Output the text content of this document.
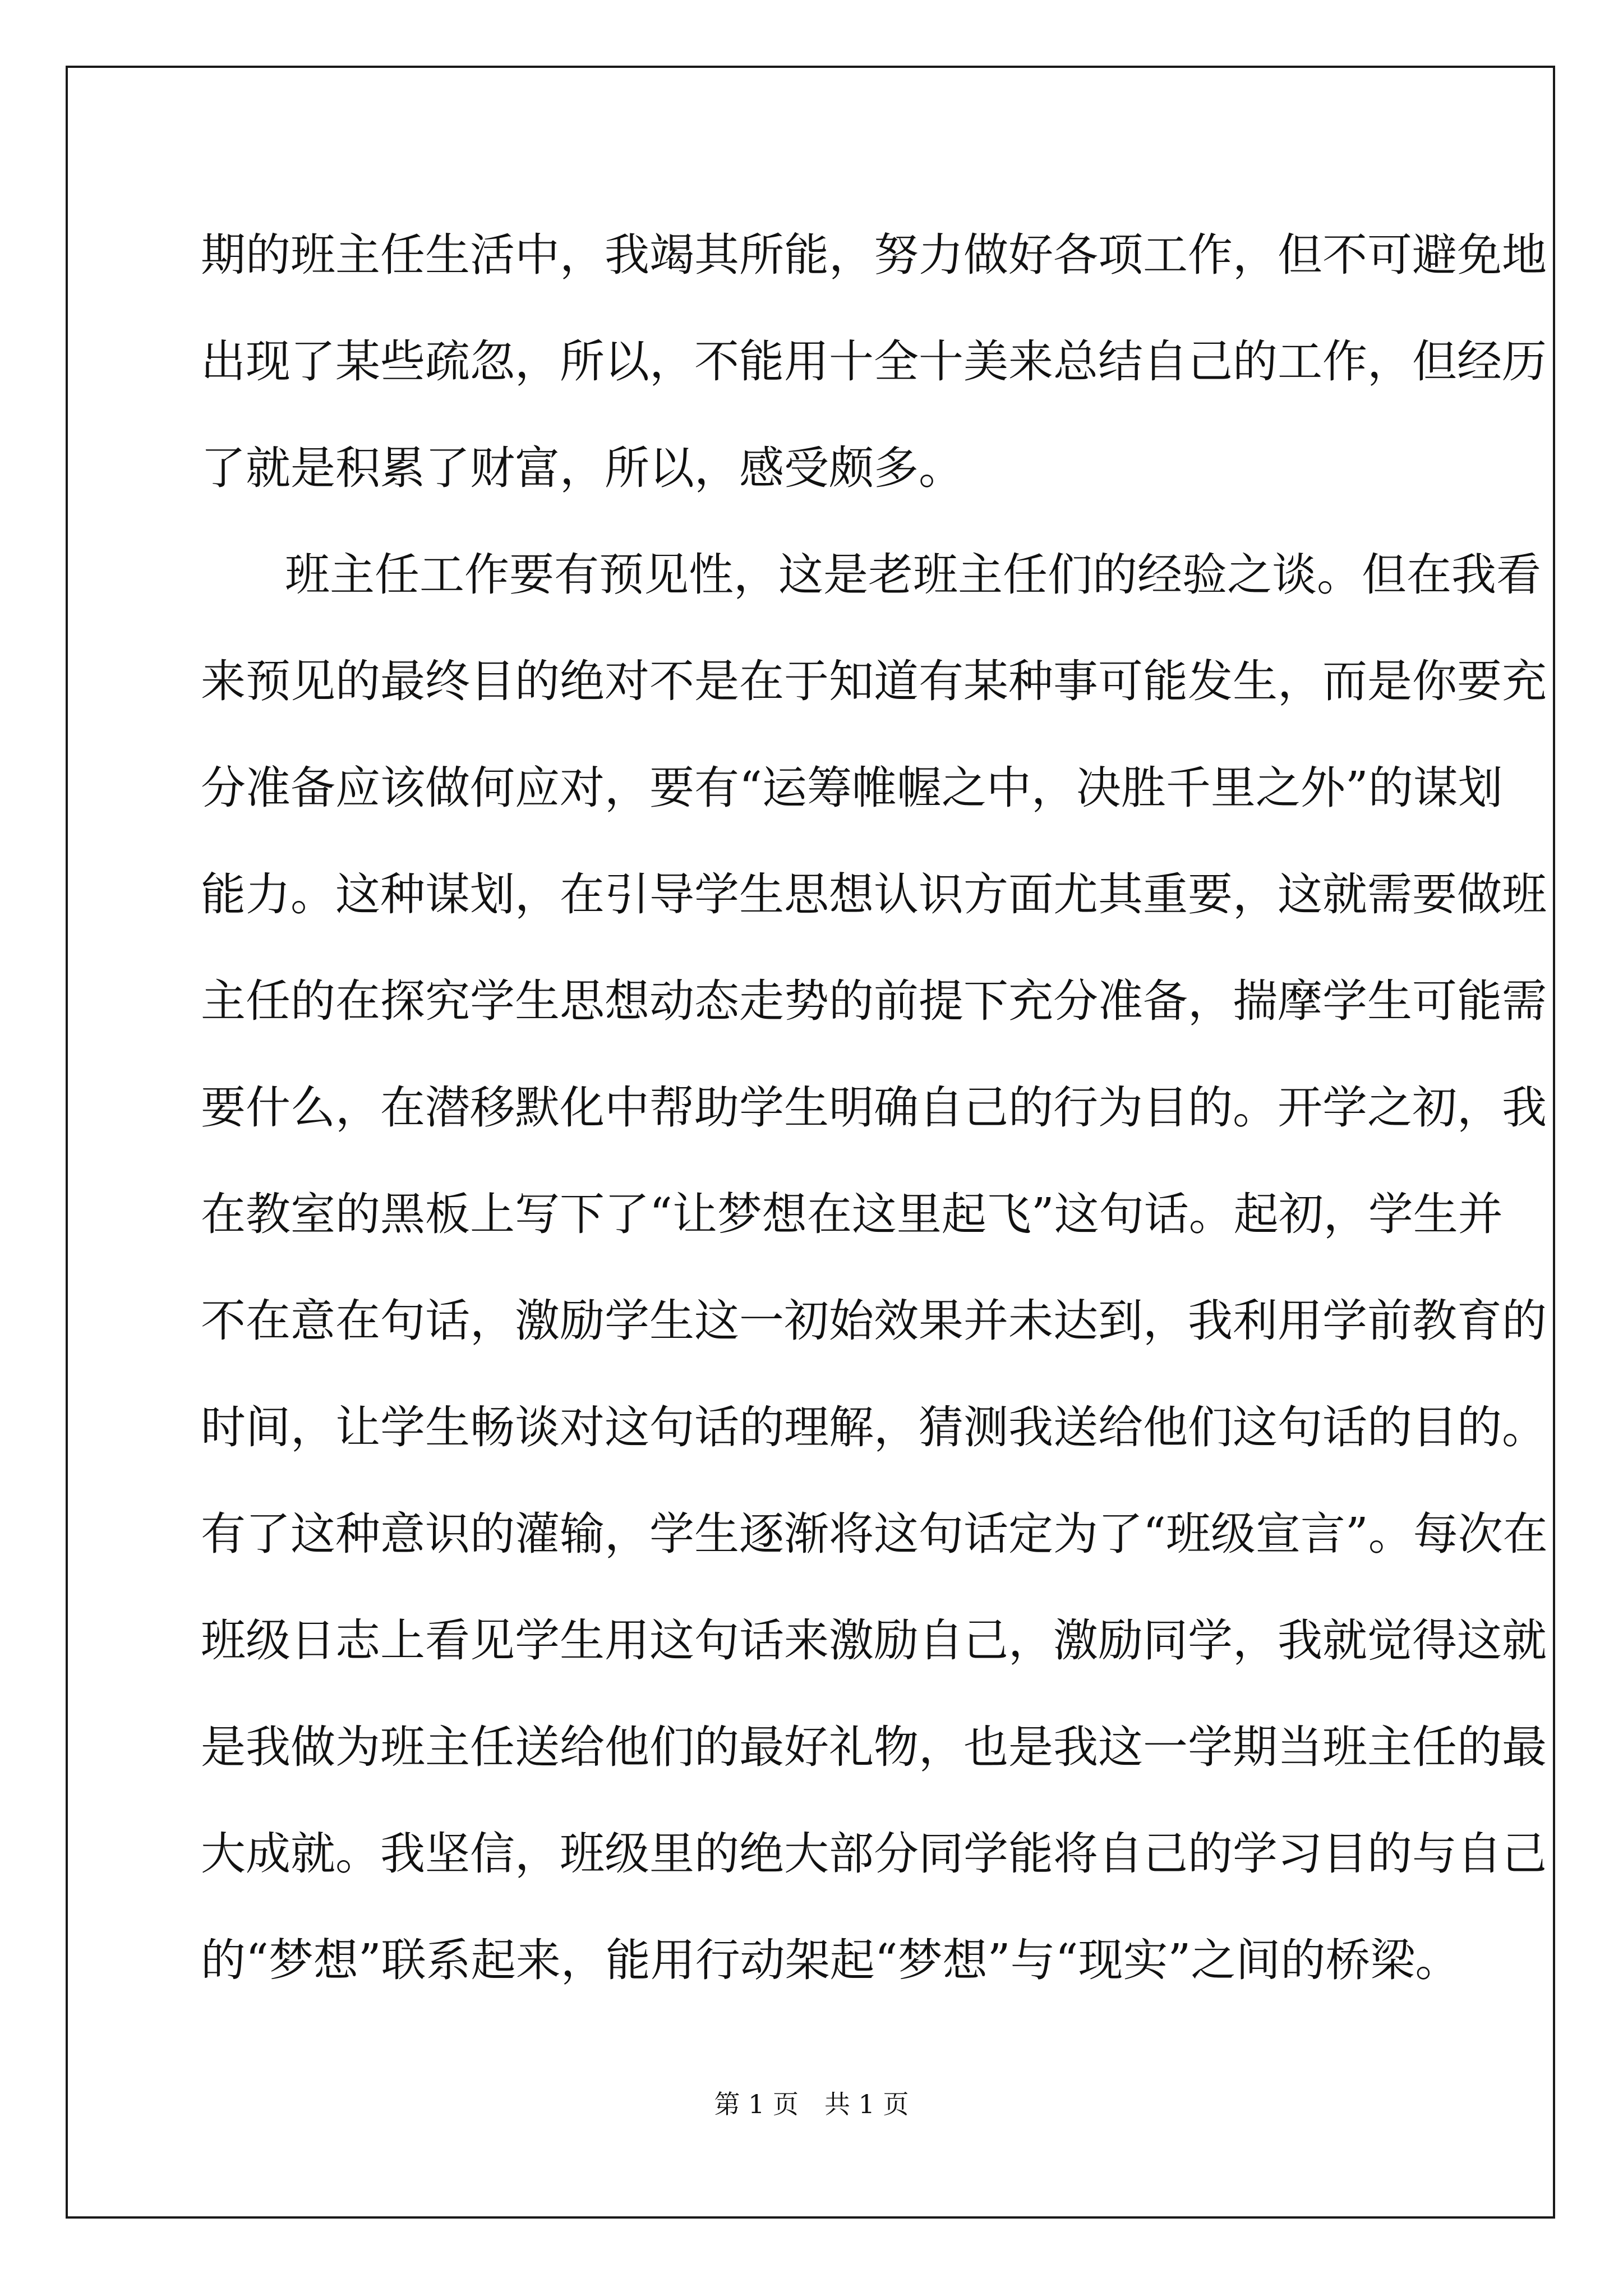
期的班主任生活中，我竭其所能，努力做好各项工作，但不可避免地
出现了某些疏忽，所以，不能用十全十美来总结自己的工作，但经历
了就是积累了财富，所以，感受颇多。
班主任工作要有预见性，这是老班主任们的经验之谈。但在我看
来预见的最终目的绝对不是在于知道有某种事可能发生，而是你要充
分准备应该做何应对，要有“运筹帷幄之中，决胜千里之外”的谋划
能力。这种谋划，在引导学生思想认识方面尤其重要，这就需要做班
主任的在探究学生思想动态走势的前提下充分准备，揣摩学生可能需
要什么，在潜移默化中帮助学生明确自己的行为目的。开学之初，我
在教室的黑板上写下了“让梦想在这里起飞”这句话。起初，学生并
不在意在句话，激励学生这一初始效果并未达到，我利用学前教育的
时间，让学生畅谈对这句话的理解，猜测我送给他们这句话的目的。
有了这种意识的灌输，学生逐渐将这句话定为了“班级宣言”。每次在
班级日志上看见学生用这句话来激励自己，激励同学，我就觉得这就
是我做为班主任送给他们的最好礼物，也是我这一学期当班主任的最
大成就。我坚信，班级里的绝大部分同学能将自己的学习目的与自己
的“梦想”联系起来，能用行动架起“梦想”与“现实”之间的桥梁。
第 1 页 共 1 页
